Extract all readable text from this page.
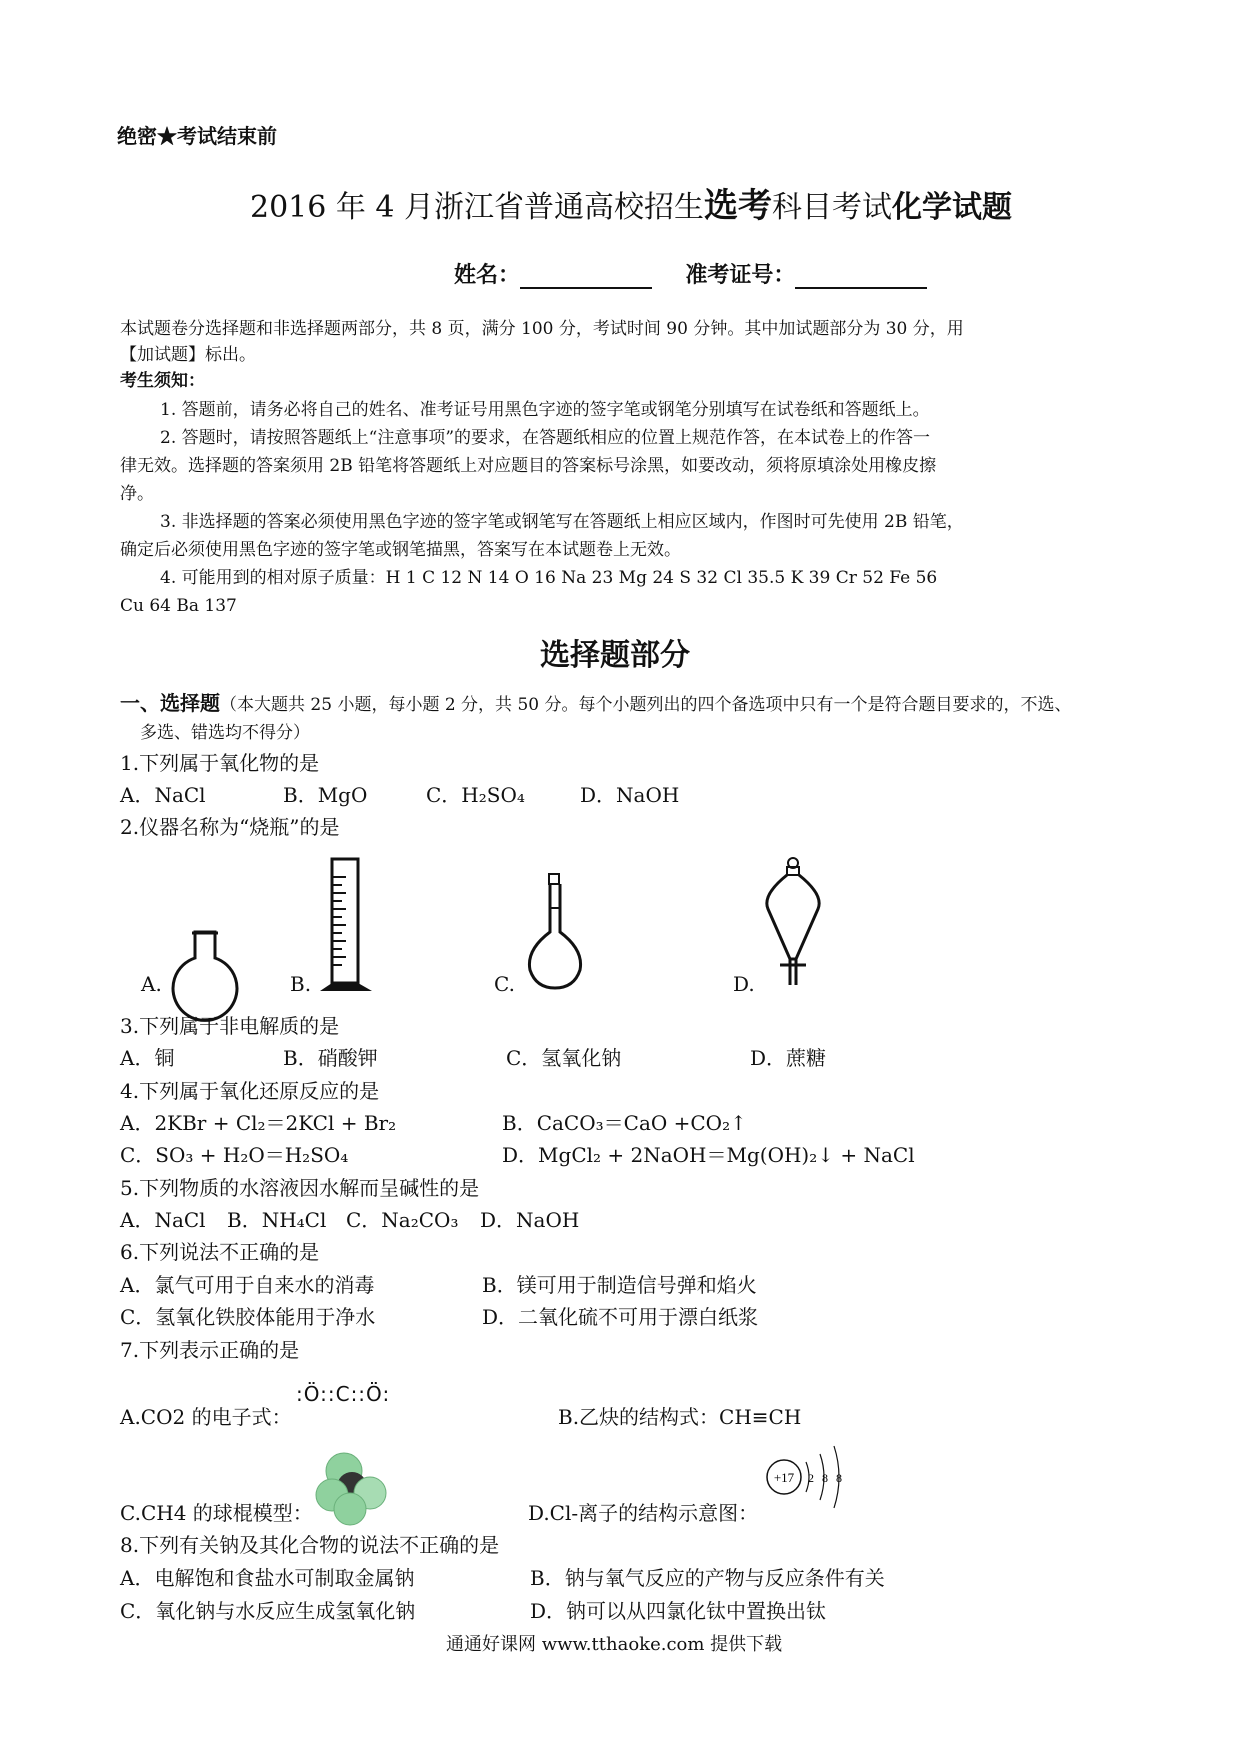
绝密★考试结束前
2016 年 4 月浙江省普通高校招生选考科目考试化学试题
姓名：	准考证号：
本试题卷分选择题和非选择题两部分，共 8 页，满分 100 分，考试时间 90 分钟。其中加试题部分为 30 分，用
【加试题】标出。
考生须知：
1. 答题前，请务必将自己的姓名、准考证号用黑色字迹的签字笔或钢笔分别填写在试卷纸和答题纸上。
2. 答题时，请按照答题纸上“注意事项”的要求，在答题纸相应的位置上规范作答，在本试卷上的作答一
律无效。选择题的答案须用 2B 铅笔将答题纸上对应题目的答案标号涂黑，如要改动，须将原填涂处用橡皮擦
净。
3. 非选择题的答案必须使用黑色字迹的签字笔或钢笔写在答题纸上相应区域内，作图时可先使用 2B 铅笔，
确定后必须使用黑色字迹的签字笔或钢笔描黑，答案写在本试题卷上无效。
4. 可能用到的相对原子质量：H 1 C 12 N 14 O 16 Na 23 Mg 24 S 32 Cl 35.5 K 39 Cr 52 Fe 56
Cu 64 Ba 137
选择题部分
一、选择题（本大题共 25 小题，每小题 2 分，共 50 分。每个小题列出的四个备选项中只有一个是符合题目要求的，不选、
多选、错选均不得分）
1.下列属于氧化物的是
A．NaCl	B．MgO	C．H₂SO₄	D．NaOH
2.仪器名称为“烧瓶”的是
A.	B.	C.	D.
3.下列属于非电解质的是
A．铜	B．硝酸钾	C．氢氧化钠	D．蔗糖
4.下列属于氧化还原反应的是
A．2KBr + Cl₂＝2KCl + Br₂	B．CaCO₃＝CaO +CO₂↑
C．SO₃ + H₂O＝H₂SO₄	D．MgCl₂ + 2NaOH＝Mg(OH)₂↓ + NaCl
5.下列物质的水溶液因水解而呈碱性的是
A．NaCl B．NH₄Cl C．Na₂CO₃ D．NaOH
6.下列说法不正确的是
A．氯气可用于自来水的消毒	B．镁可用于制造信号弹和焰火
C．氢氧化铁胶体能用于净水	D．二氧化硫不可用于漂白纸浆
7.下列表示正确的是
A.CO2 的电子式：
:Ö::C::Ö:
B.乙炔的结构式：CH≡CH
C.CH4 的球棍模型：	D.Cl-离子的结构示意图：
+17 2 8 8
8.下列有关钠及其化合物的说法不正确的是
A．电解饱和食盐水可制取金属钠	B．钠与氧气反应的产物与反应条件有关
C．氧化钠与水反应生成氢氧化钠	D．钠可以从四氯化钛中置换出钛
通通好课网 www.tthaoke.com 提供下载
